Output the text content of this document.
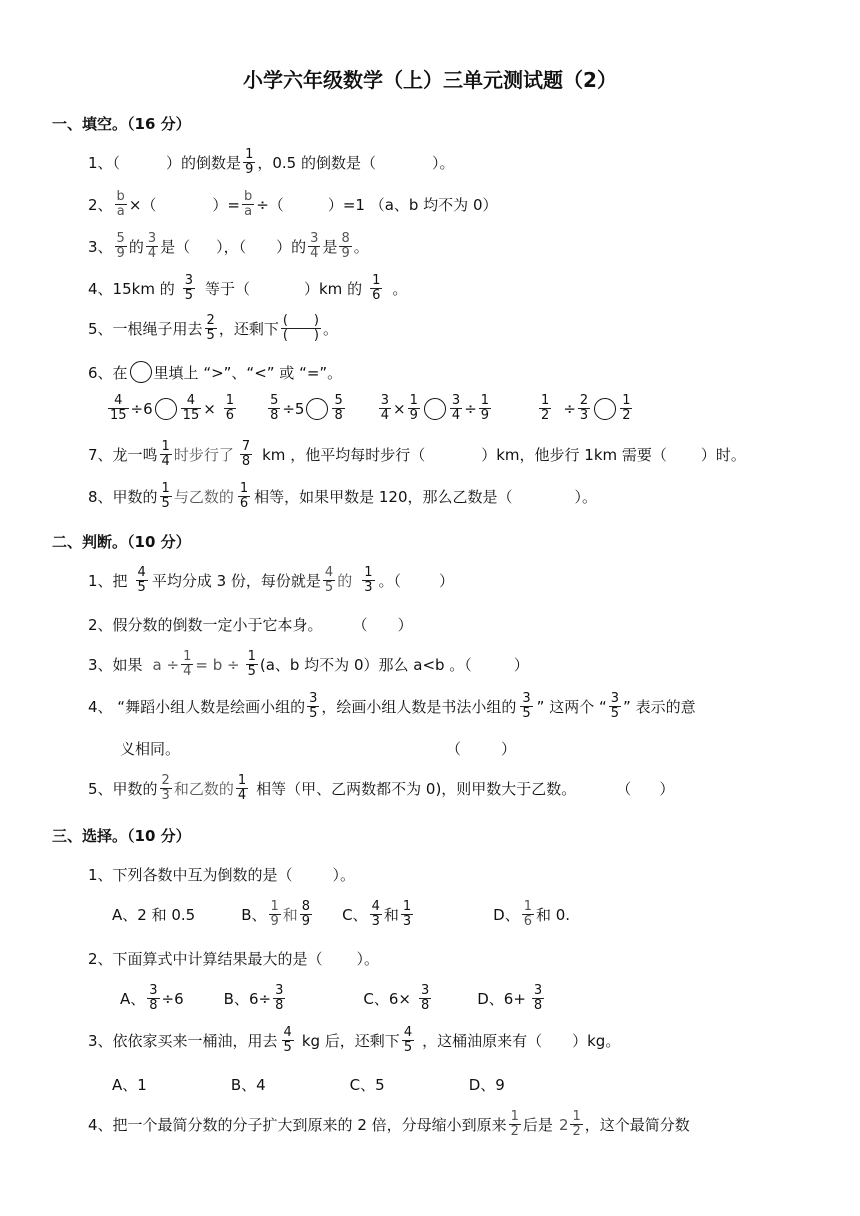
小学六年级数学（上）三单元测试题（2）
一、填空。（16 分）
1、（	）的倒数是 $\frac{1}{9}$ ，0.5 的倒数是（	）。
2、 $\frac{b}{a}$ ×（	）= $\frac{b}{a}$ ÷（	）=1 （a、b 均不为 0）
3、 $\frac{5}{9}$ 的 $\frac{3}{4}$ 是（ ），（ ）的 $\frac{3}{4}$ 是 $\frac{8}{9}$ 。
4、15km 的 $\frac{3}{5}$ 等于（	）km 的 $\frac{1}{6}$ 。
5、一根绳子用去 $\frac{2}{5}$ ，还剩下 $\frac{( )}{( )}$ 。
6、在 里填上 “>”、“<” 或 “=”。
$\frac{4}{15} \div 6 \frac{4}{15} \times \frac{1}{6} \frac{5}{8} \div 5 \frac{5}{8}$	$\frac{3}{4} \times \frac{1}{9} \frac{3}{4} \div \frac{1}{9}$	$\frac{1}{2} \div \frac{2}{3} \frac{1}{2}$
7、龙一鸣 $\frac{1}{4}$ 时步行了 $\frac{7}{8}$ km ，他平均每时步行（	）km，他步行 1km 需要（ ）时。
8、甲数的 $\frac{1}{5}$ 与乙数的 $\frac{1}{6}$ 相等，如果甲数是 120，那么乙数是（	）。
二、判断。（10 分）
1、把 $\frac{4}{5}$ 平均分成 3 份，每份就是 $\frac{4}{5}$ 的 $\frac{1}{3}$ 。（	）
2、假分数的倒数一定小于它本身。 （ ）
3、如果 $a \div \frac{1}{4} = b \div \frac{1}{5} (a$、b 均不为 0）那么 a<b 。（	）
4、 “舞蹈小组人数是绘画小组的 $\frac{3}{5}$ ，绘画小组人数是书法小组的 $\frac{3}{5}$ ” 这两个 “ $\frac{3}{5}$ ” 表示的意
义相同。	（	）
5、甲数的 $\frac{2}{3}$ 和乙数的 $\frac{1}{4}$ 相等（甲、乙两数都不为 0)，则甲数大于乙数。	（ ）
三、选择。（10 分）
1、下列各数中互为倒数的是（	）。
A、2 和 0.5	B、 $\frac{1}{9}$ 和 $\frac{8}{9}$ C、 $\frac{4}{3}$ 和 $\frac{1}{3}$	D、 $\frac{1}{6}$ 和 0.
2、下面算式中计算结果最大的是（ ）。
A、 $\frac{3}{8} \div 6$	B、$6\div \frac{3}{8}$	C、$6\times \frac{3}{8}$	D、$6+ \frac{3}{8}$
3、依依家买来一桶油，用去 $\frac{4}{5}$ kg 后，还剩下 $\frac{4}{5}$ ，这桶油原来有（ ）kg。
A、1	B、4	C、5	D、9
4、把一个最简分数的分子扩大到原来的 2 倍，分母缩小到原来 $\frac{1}{2}$ 后是 $2 \frac{1}{2}$ ，这个最简分数
